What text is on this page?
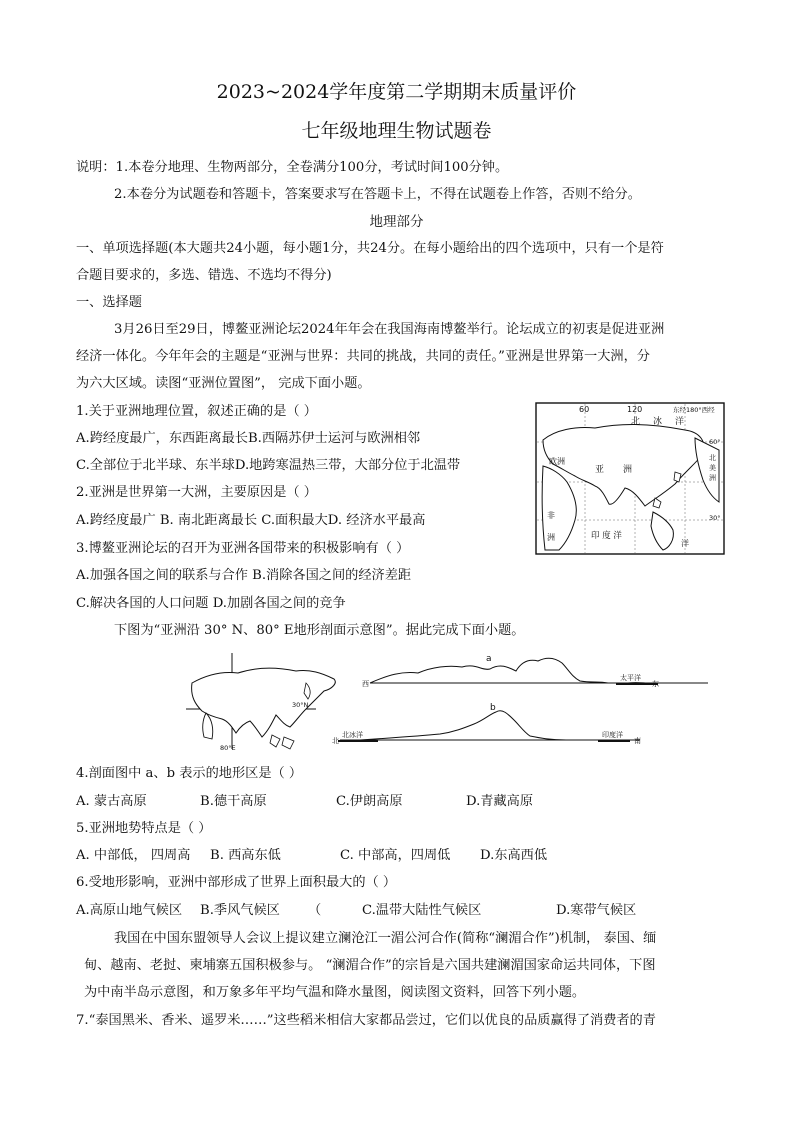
2023~2024学年度第二学期期末质量评价
七年级地理生物试题卷
说明：1.本卷分地理、生物两部分，全卷满分100分，考试时间100分钟。
2.本卷分为试题卷和答题卡，答案要求写在答题卡上，不得在试题卷上作答，否则不给分。
地理部分
一、单项选择题(本大题共24小题，每小题1分，共24分。在每小题给出的四个选项中，只有一个是符
合题目要求的，多选、错选、不选均不得分)
一、选择题
3月26日至29日，博鳌亚洲论坛2024年年会在我国海南博鳌举行。论坛成立的初衷是促进亚洲
经济一体化。今年年会的主题是“亚洲与世界：共同的挑战，共同的责任。”亚洲是世界第一大洲，分
为六大区域。读图“亚洲位置图”， 完成下面小题。
1.关于亚洲地理位置，叙述正确的是（ ）
A.跨经度最广，东西距离最长B.西隔苏伊士运河与欧洲相邻
C.全部位于北半球、东半球D.地跨寒温热三带，大部分位于北温带
2.亚洲是世界第一大洲，主要原因是（ ）
A.跨经度最广 B. 南北距离最长 C.面积最大D. 经济水平最高
3.博鳌亚洲论坛的召开为亚洲各国带来的积极影响有（ ）
A.加强各国之间的联系与合作 B.消除各国之间的经济差距
C.解决各国的人口问题 D.加剧各国之间的竞争
60	120	东经180°西经
北 冰 洋
欧洲
亚 洲
北
美
洲
非
洲	印 度 洋
洋
60°
30°
下图为“亚洲沿 30° N、80° E地形剖面示意图”。据此完成下面小题。
30°N
80°E
西
太平洋
东
a
北
北冰洋	印度洋
南
b
4.剖面图中 a、b 表示的地形区是（ ）
A. 蒙古高原	B.德干高原	C.伊朗高原	D.青藏高原
5.亚洲地势特点是（ ）
A. 中部低， 四周高 B. 西高东低	C. 中部高，四周低 D.东高西低
6.受地形影响，亚洲中部形成了世界上面积最大的（ ）
A.高原山地气候区 B.季风气候区 （	C.温带大陆性气候区	D.寒带气候区
我国在中国东盟领导人会议上提议建立澜沧江一湄公河合作(简称“澜湄合作”)机制， 泰国、缅
甸、越南、老挝、柬埔寨五国积极参与。 “澜湄合作”的宗旨是六国共建澜湄国家命运共同体，下图
为中南半岛示意图，和万象多年平均气温和降水量图，阅读图文资料，回答下列小题。
7.“泰国黑米、香米、遥罗米……”这些稻米相信大家都品尝过，它们以优良的品质赢得了消费者的青
